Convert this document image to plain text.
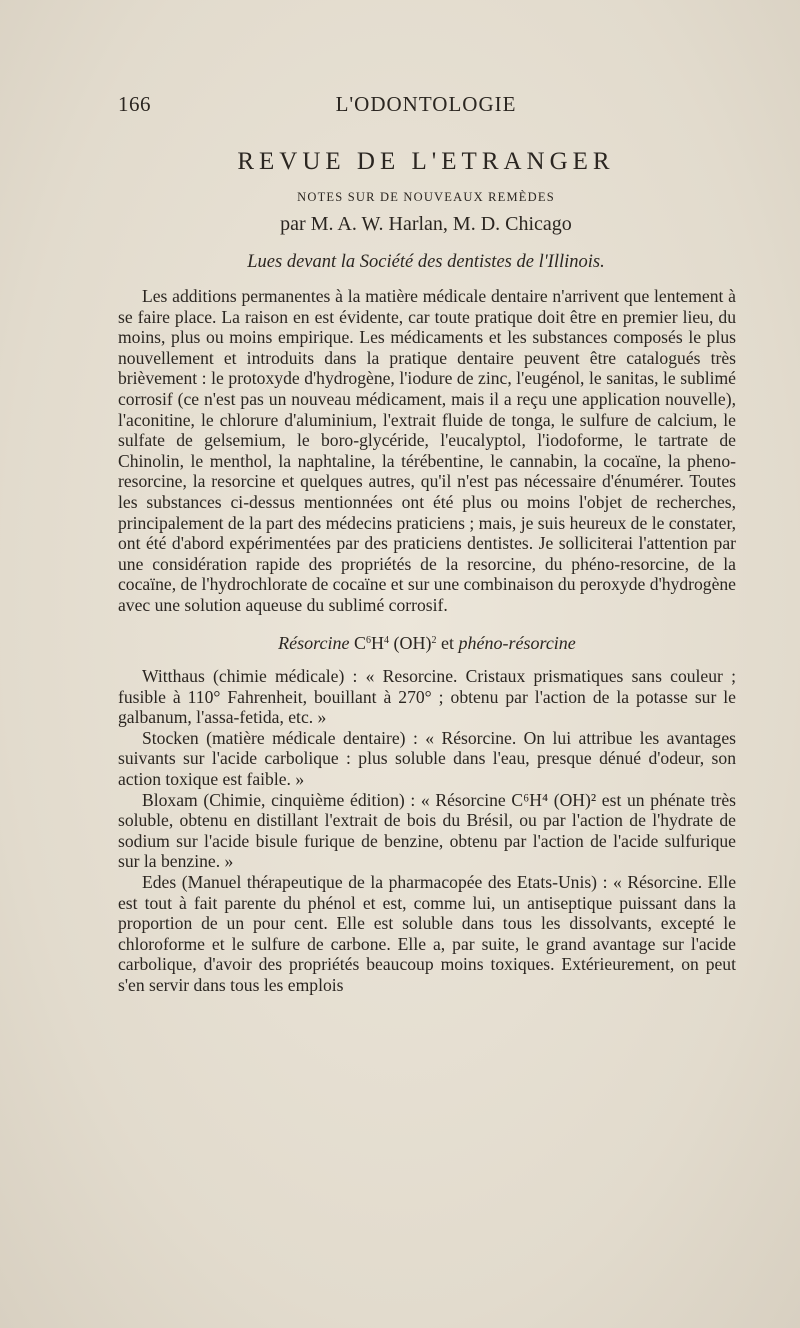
166	L'ODONTOLOGIE
REVUE DE L'ETRANGER
NOTES SUR DE NOUVEAUX REMÈDES
par M. A. W. Harlan, M. D. Chicago
Lues devant la Société des dentistes de l'Illinois.

Les additions permanentes à la matière médicale dentaire n'arrivent que lentement à se faire place. La raison en est évidente, car toute pratique doit être en premier lieu, du moins, plus ou moins empirique. Les médicaments et les substances composés le plus nouvellement et introduits dans la pratique dentaire peuvent être catalogués très brièvement : le protoxyde d'hydrogène, l'iodure de zinc, l'eugénol, le sanitas, le sublimé corrosif (ce n'est pas un nouveau médicament, mais il a reçu une application nouvelle), l'aconitine, le chlorure d'aluminium, l'extrait fluide de tonga, le sulfure de calcium, le sulfate de gelsemium, le boro-glycéride, l'eucalyptol, l'iodoforme, le tartrate de Chinolin, le menthol, la naphtaline, la térébentine, le cannabin, la cocaïne, la pheno-resorcine, la resorcine et quelques autres, qu'il n'est pas nécessaire d'énumérer. Toutes les substances ci-dessus mentionnées ont été plus ou moins l'objet de recherches, principalement de la part des médecins praticiens ; mais, je suis heureux de le constater, ont été d'abord expérimentées par des praticiens dentistes. Je solliciterai l'attention par une considération rapide des propriétés de la resorcine, du phéno-resorcine, de la cocaïne, de l'hydrochlorate de cocaïne et sur une combinaison du peroxyde d'hydrogène avec une solution aqueuse du sublimé corrosif.

Résorcine $C^6H^4$ (OH)$^2$ et phéno-résorcine

Witthaus (chimie médicale) : « Resorcine. Cristaux prismatiques sans couleur ; fusible à 110° Fahrenheit, bouillant à 270° ; obtenu par l'action de la potasse sur le galbanum, l'assa-fetida, etc. »

Stocken (matière médicale dentaire) : « Résorcine. On lui attribue les avantages suivants sur l'acide carbolique : plus soluble dans l'eau, presque dénué d'odeur, son action toxique est faible. »

Bloxam (Chimie, cinquième édition) : « Résorcine C⁶H⁴ (OH)² est un phénate très soluble, obtenu en distillant l'extrait de bois du Brésil, ou par l'action de l'hydrate de sodium sur l'acide bisule furique de benzine, obtenu par l'action de l'acide sulfurique sur la benzine. »

Edes (Manuel thérapeutique de la pharmacopée des Etats-Unis) : « Résorcine. Elle est tout à fait parente du phénol et est, comme lui, un antiseptique puissant dans la proportion de un pour cent. Elle est soluble dans tous les dissolvants, excepté le chloroforme et le sulfure de carbone. Elle a, par suite, le grand avantage sur l'acide carbolique, d'avoir des propriétés beaucoup moins toxiques. Extérieurement, on peut s'en servir dans tous les emplois
